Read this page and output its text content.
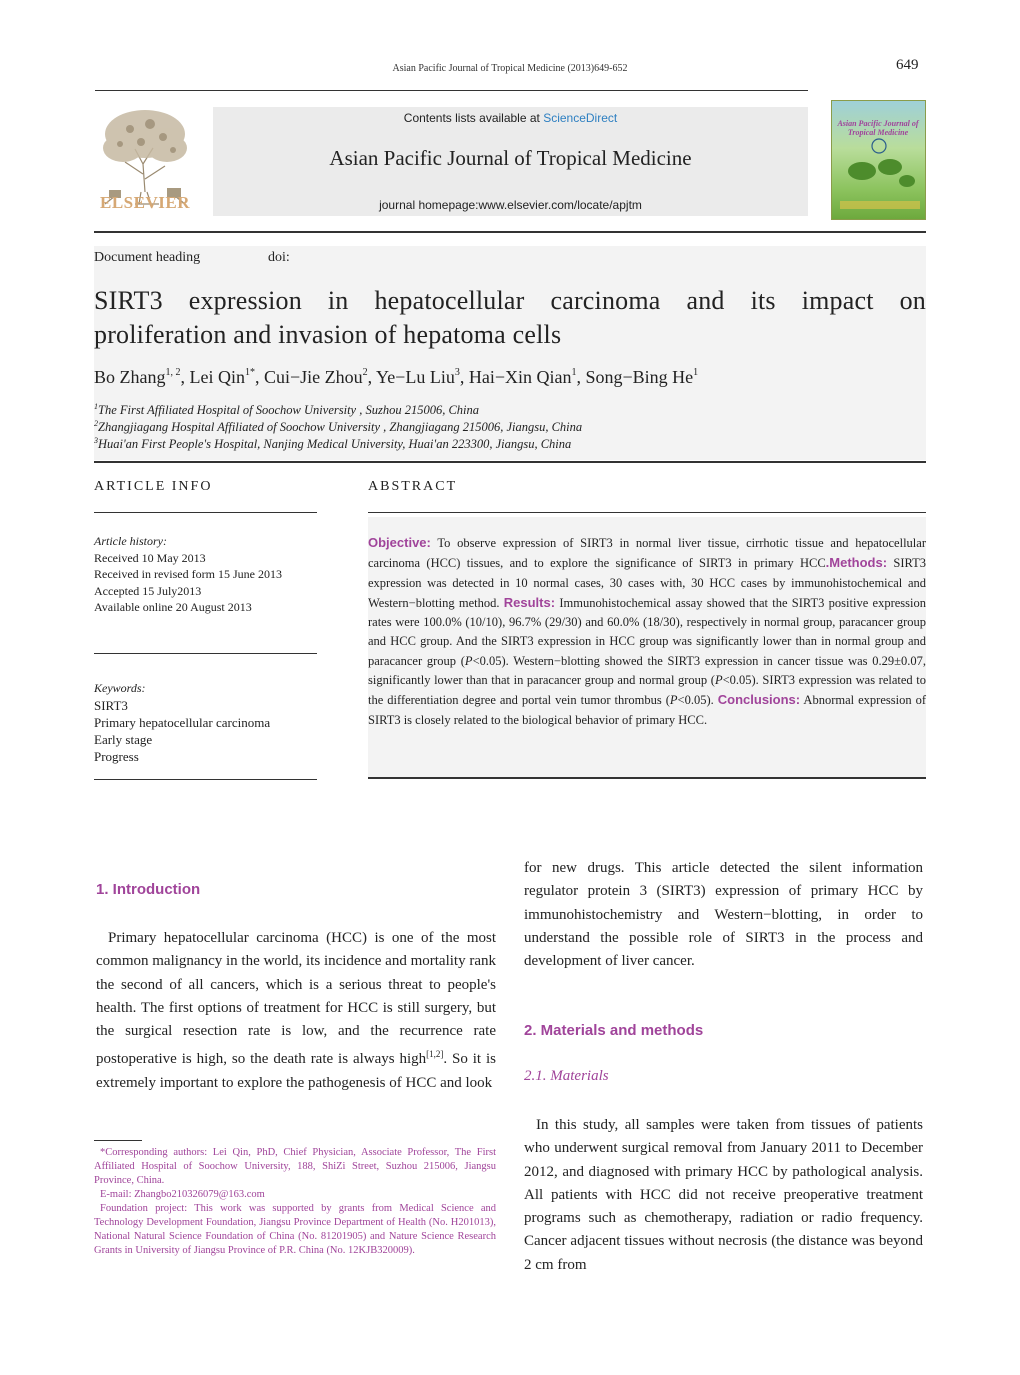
Asian Pacific Journal of Tropical Medicine (2013)649-652	649
ELSEVIER
Contents lists available at ScienceDirect
Asian Pacific Journal of Tropical Medicine
journal homepage:www.elsevier.com/locate/apjtm
Asian Pacific Journal of Tropical Medicine
Document heading	doi:
SIRT3 expression in hepatocellular carcinoma and its impact on
proliferation and invasion of hepatoma cells
Bo Zhang$^{1, 2}$, Lei Qin$^{1*}$, Cui−Jie Zhou$^2$, Ye−Lu Liu$^3$, Hai−Xin Qian$^1$, Song−Bing He$^1$
$^1$The First Affiliated Hospital of Soochow University , Suzhou 215006, China
$^2$Zhangjiagang Hospital Affiliated of Soochow University , Zhangjiagang 215006, Jiangsu, China
$^3$Huai'an First People's Hospital, Nanjing Medical University, Huai'an 223300, Jiangsu, China
ARTICLE INFO
Article history:
Received 10 May 2013
Received in revised form 15 June 2013
Accepted 15 July2013
Available online 20 August 2013
Keywords:
SIRT3
Primary hepatocellular carcinoma
Early stage
Progress
ABSTRACT
Objective: To observe expression of SIRT3 in normal liver tissue, cirrhotic tissue and hepatocellular carcinoma (HCC) tissues, and to explore the significance of SIRT3 in primary HCC.Methods: SIRT3 expression was detected in 10 normal cases, 30 cases with, 30 HCC cases by immunohistochemical and Western−blotting method. Results: Immunohistochemical assay showed that the SIRT3 positive expression rates were 100.0% (10/10), 96.7% (29/30) and 60.0% (18/30), respectively in normal group, paracancer group and HCC group. And the SIRT3 expression in HCC group was significantly lower than in normal group and paracancer group (P<0.05). Western−blotting showed the SIRT3 expression in cancer tissue was 0.29±0.07, significantly lower than that in paracancer group and normal group (P<0.05). SIRT3 expression was related to the differentiation degree and portal vein tumor thrombus (P<0.05). Conclusions: Abnormal expression of SIRT3 is closely related to the biological behavior of primary HCC.
1. Introduction
Primary hepatocellular carcinoma (HCC) is one of the most common malignancy in the world, its incidence and mortality rank the second of all cancers, which is a serious threat to people's health. The first options of treatment for HCC is still surgery, but the surgical resection rate is low, and the recurrence rate postoperative is high, so the death rate is always high[1,2]. So it is extremely important to explore the pathogenesis of HCC and look

*Corresponding authors: Lei Qin, PhD, Chief Physician, Associate Professor, The First Affiliated Hospital of Soochow University, 188, ShiZi Street, Suzhou 215006, Jiangsu Province, China.

E-mail: Zhangbo210326079@163.com

Foundation project: This work was supported by grants from Medical Science and Technology Development Foundation, Jiangsu Province Department of Health (No. H201013), National Natural Science Foundation of China (No. 81201905) and Nature Science Research Grants in University of Jiangsu Province of P.R. China (No. 12KJB320009).

for new drugs. This article detected the silent information regulator protein 3 (SIRT3) expression of primary HCC by immunohistochemistry and Western−blotting, in order to understand the possible role of SIRT3 in the process and development of liver cancer.
2. Materials and methods
2.1. Materials
In this study, all samples were taken from tissues of patients who underwent surgical removal from January 2011 to December 2012, and diagnosed with primary HCC by pathological analysis. All patients with HCC did not receive preoperative treatment programs such as chemotherapy, radiation or radio frequency. Cancer adjacent tissues without necrosis (the distance was beyond 2 cm from
